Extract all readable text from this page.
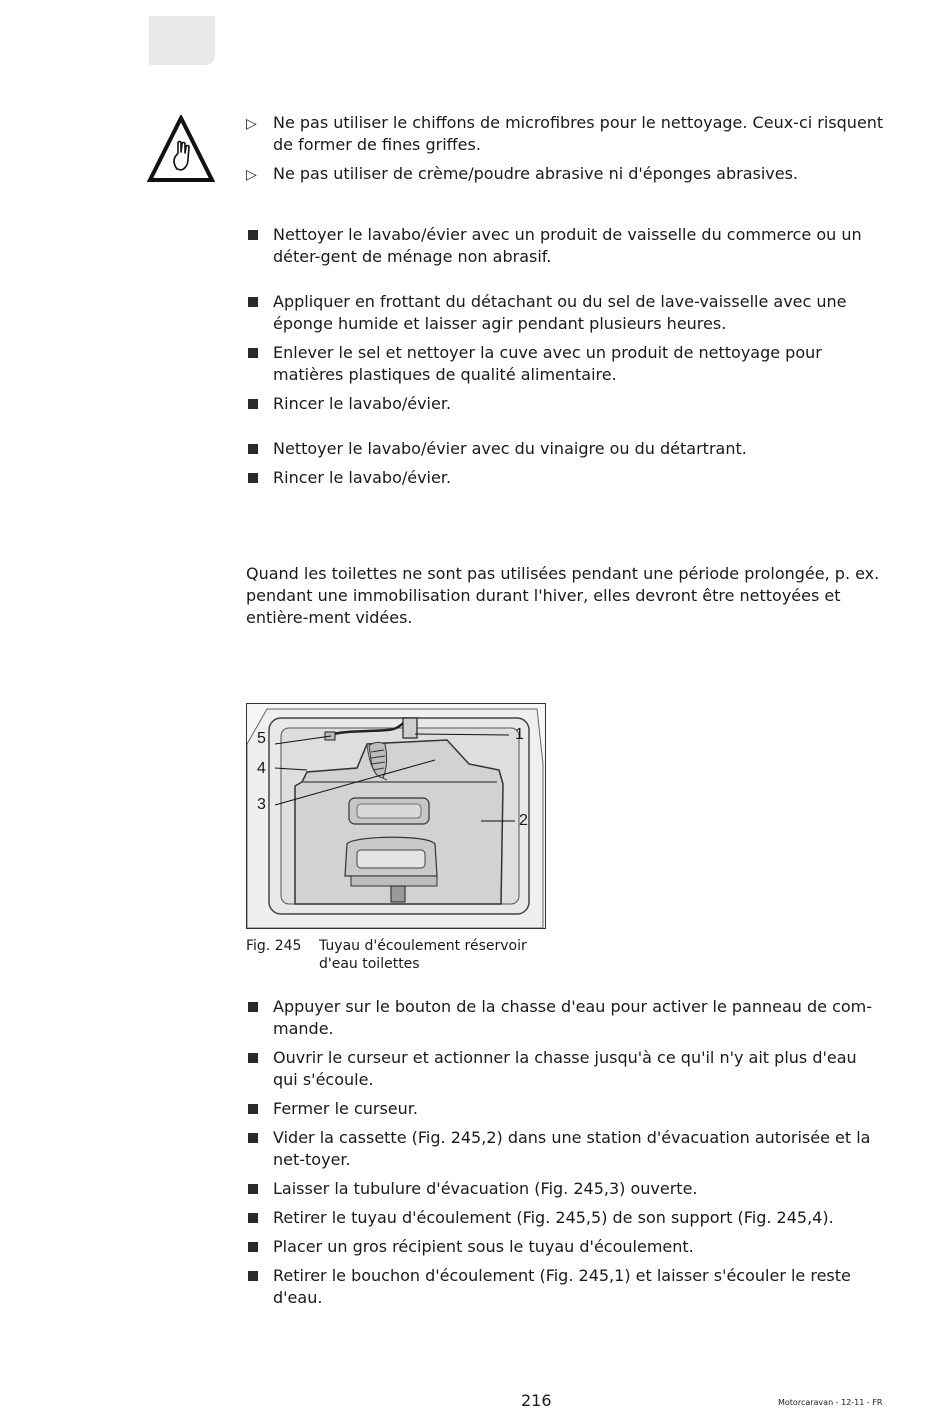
▷ Ne pas utiliser le chiffons de microfibres pour le nettoyage. Ceux-ci risquent de former de fines griffes.
▷ Ne pas utiliser de crème/poudre abrasive ni d'éponges abrasives.
Nettoyer le lavabo/évier avec un produit de vaisselle du commerce ou un déter-gent de ménage non abrasif.
Appliquer en frottant du détachant ou du sel de lave-vaisselle avec une éponge humide et laisser agir pendant plusieurs heures.
Enlever le sel et nettoyer la cuve avec un produit de nettoyage pour matières plastiques de qualité alimentaire.
Rincer le lavabo/évier.
Nettoyer le lavabo/évier avec du vinaigre ou du détartrant.
Rincer le lavabo/évier.

Quand les toilettes ne sont pas utilisées pendant une période prolongée, p. ex. pendant une immobilisation durant l'hiver, elles devront être nettoyées et entière-ment vidées.

1
2
3
4
5
Fig. 245 Tuyau d'écoulement réservoir d'eau toilettes
Appuyer sur le bouton de la chasse d'eau pour activer le panneau de com-mande.
Ouvrir le curseur et actionner la chasse jusqu'à ce qu'il n'y ait plus d'eau qui s'écoule.
Fermer le curseur.
Vider la cassette (Fig. 245,2) dans une station d'évacuation autorisée et la net-toyer.
Laisser la tubulure d'évacuation (Fig. 245,3) ouverte.
Retirer le tuyau d'écoulement (Fig. 245,5) de son support (Fig. 245,4).
Placer un gros récipient sous le tuyau d'écoulement.
Retirer le bouchon d'écoulement (Fig. 245,1) et laisser s'écouler le reste d'eau.
216	Motorcaravan - 12-11 - FR
